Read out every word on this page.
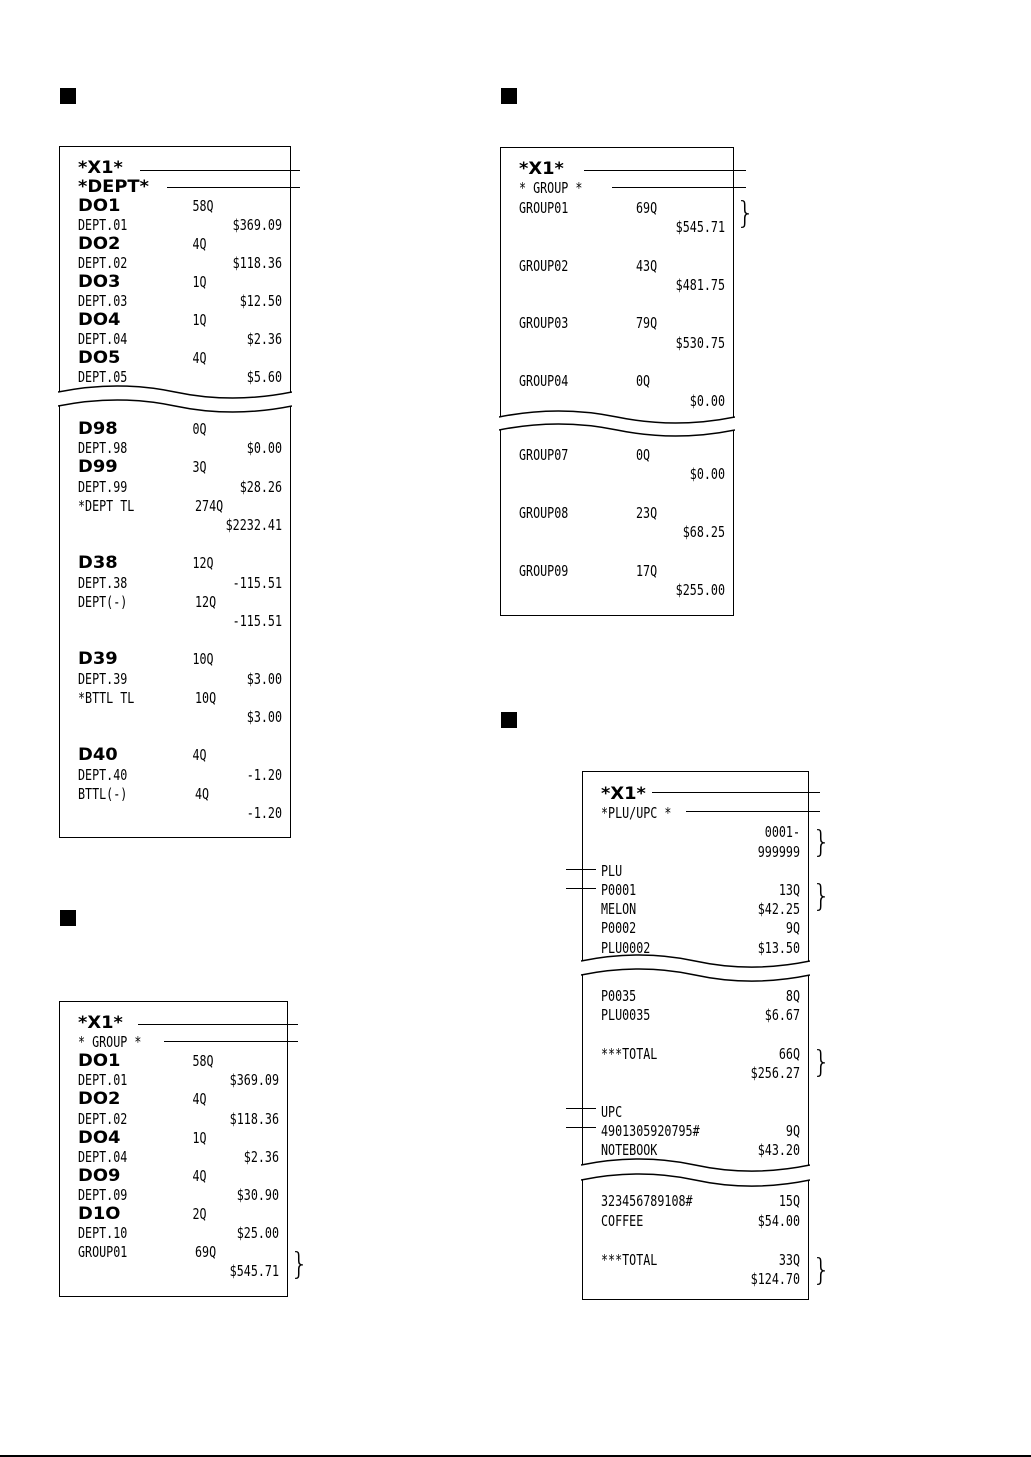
*X1*
*DEPT*
DO1	58Q
DEPT.01	$369.09
DO2	4Q
DEPT.02	$118.36
DO3	1Q
DEPT.03	$12.50
DO4	1Q
DEPT.04	$2.36
DO5	4Q
DEPT.05	$5.60
D98	0Q
DEPT.98	$0.00
D99	3Q
DEPT.99	$28.26
*DEPT TL	274Q
$2232.41
D38	12Q
DEPT.38	-115.51
DEPT(-)	12Q
-115.51
D39	10Q
DEPT.39	$3.00
*BTTL TL	10Q
$3.00
D40	4Q
DEPT.40	-1.20
BTTL(-)	4Q
-1.20
*X1*
* GROUP *
DO1	58Q
DEPT.01	$369.09
DO2	4Q
DEPT.02	$118.36
DO4	1Q
DEPT.04	$2.36
DO9	4Q
DEPT.09	$30.90
D1O	2Q
DEPT.10	$25.00
GROUP01	69Q
$545.71
*X1*
* GROUP *
GROUP01	69Q
$545.71
GROUP02	43Q
$481.75
GROUP03	79Q
$530.75
GROUP04	0Q
$0.00
GROUP07	0Q
$0.00
GROUP08	23Q
$68.25
GROUP09	17Q
$255.00
*X1*
*PLU/UPC *
0001-
999999
PLU
P0001	13Q
MELON	$42.25
P0002	9Q
PLU0002	$13.50
P0035	8Q
PLU0035	$6.67
***TOTAL	66Q
$256.27
UPC
4901305920795#	9Q
NOTEBOOK	$43.20
323456789108#	15Q
COFFEE	$54.00
***TOTAL	33Q
$124.70
}
}
}
}
}
}
